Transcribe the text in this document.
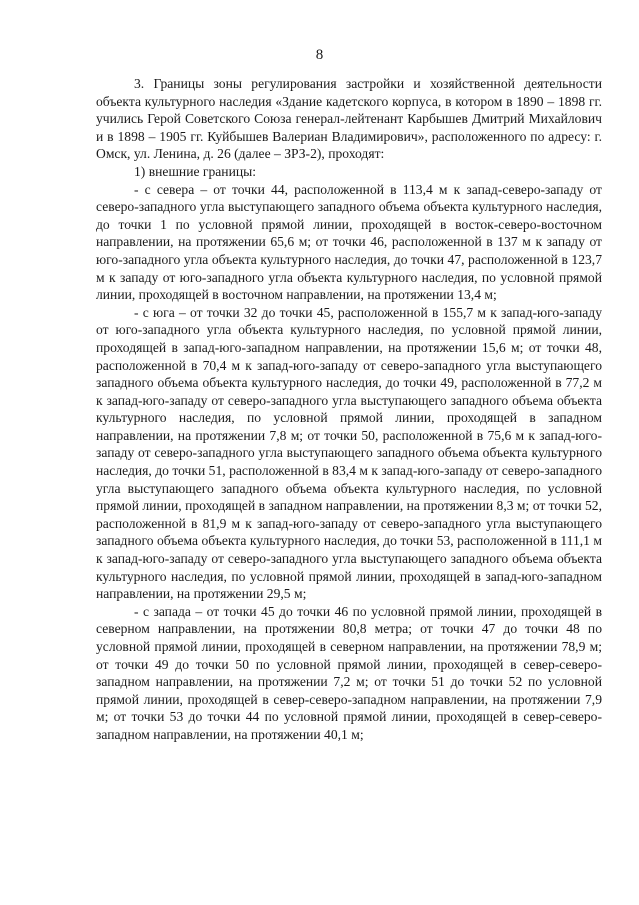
8

3. Границы зоны регулирования застройки и хозяйственной деятельности объекта культурного наследия «Здание кадетского корпуса, в котором в 1890 – 1898 гг. учились Герой Советского Союза генерал-лейтенант Карбышев Дмитрий Михайлович и в 1898 – 1905 гг. Куйбышев Валериан Владимирович», расположенного по адресу: г. Омск, ул. Ленина, д. 26 (далее – ЗРЗ-2), проходят:

1) внешние границы:

- с севера – от точки 44, расположенной в 113,4 м к запад-северо-западу от северо-западного угла выступающего западного объема объекта культурного наследия, до точки 1 по условной прямой линии, проходящей в восток-северо-восточном направлении, на протяжении 65,6 м; от точки 46, расположенной в 137 м к западу от юго-западного угла объекта культурного наследия, до точки 47, расположенной в 123,7 м к западу от юго-западного угла объекта культурного наследия, по условной прямой линии, проходящей в восточном направлении, на протяжении 13,4 м;

- с юга – от точки 32 до точки 45, расположенной в 155,7 м к запад-юго-западу от юго-западного угла объекта культурного наследия, по условной прямой линии, проходящей в запад-юго-западном направлении, на протяжении 15,6 м; от точки 48, расположенной в 70,4 м к запад-юго-западу от северо-западного угла выступающего западного объема объекта культурного наследия, до точки 49, расположенной в 77,2 м к запад-юго-западу от северо-западного угла выступающего западного объема объекта культурного наследия, по условной прямой линии, проходящей в западном направлении, на протяжении 7,8 м; от точки 50, расположенной в 75,6 м к запад-юго-западу от северо-западного угла выступающего западного объема объекта культурного наследия, до точки 51, расположенной в 83,4 м к запад-юго-западу от северо-западного угла выступающего западного объема объекта культурного наследия, по условной прямой линии, проходящей в западном направлении, на протяжении 8,3 м; от точки 52, расположенной в 81,9 м к запад-юго-западу от северо-западного угла выступающего западного объема объекта культурного наследия, до точки 53, расположенной в 111,1 м к запад-юго-западу от северо-западного угла выступающего западного объема объекта культурного наследия, по условной прямой линии, проходящей в запад-юго-западном направлении, на протяжении 29,5 м;

- с запада – от точки 45 до точки 46 по условной прямой линии, проходящей в северном направлении, на протяжении 80,8 метра; от точки 47 до точки 48 по условной прямой линии, проходящей в северном направлении, на протяжении 78,9 м; от точки 49 до точки 50 по условной прямой линии, проходящей в север-северо-западном направлении, на протяжении 7,2 м; от точки 51 до точки 52 по условной прямой линии, проходящей в север-северо-западном направлении, на протяжении 7,9 м; от точки 53 до точки 44 по условной прямой линии, проходящей в север-северо-западном направлении, на протяжении 40,1 м;
